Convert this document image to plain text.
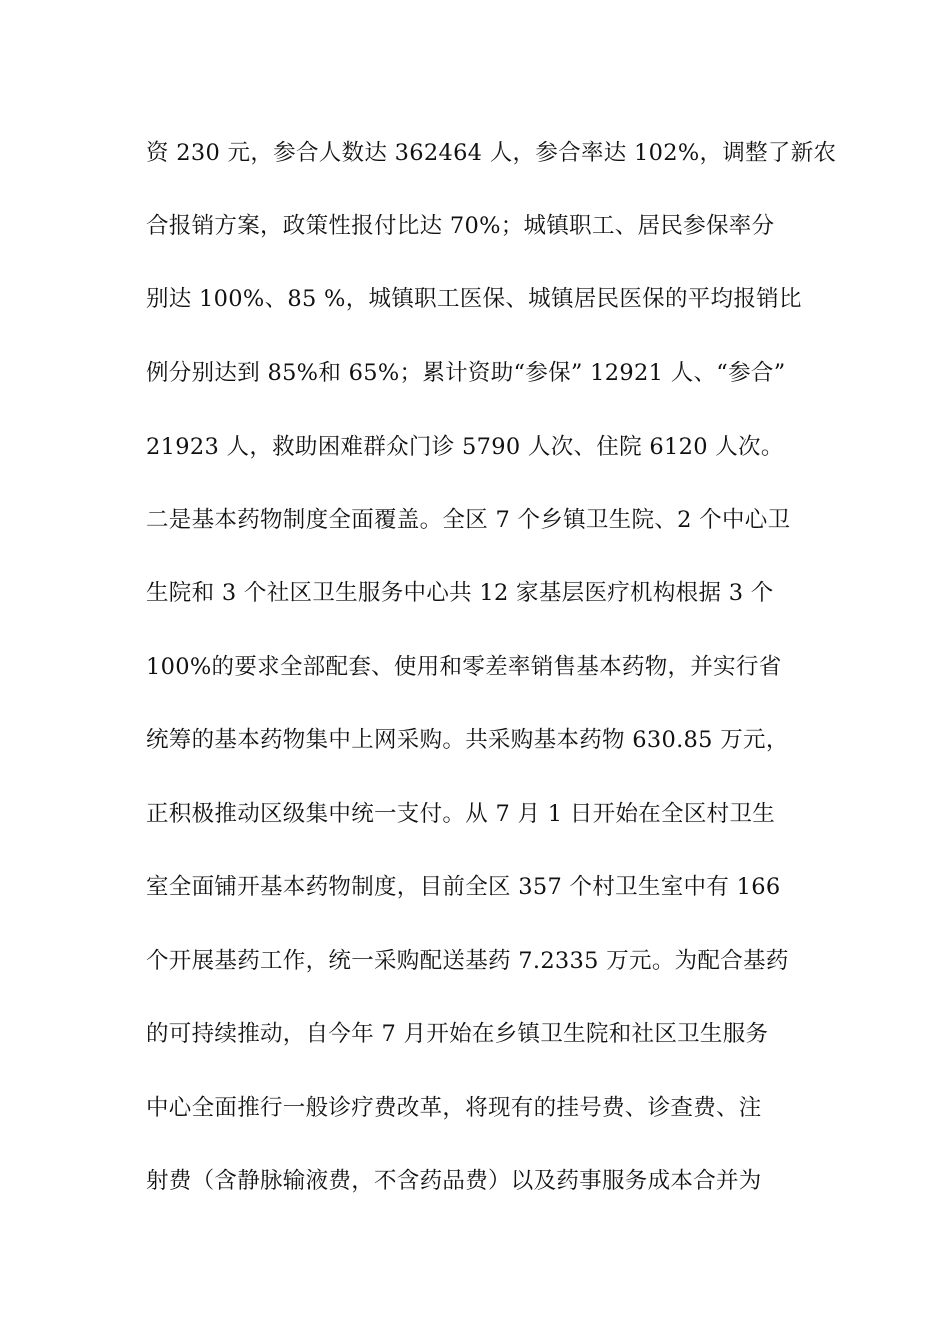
资 230 元，参合人数达 362464 人，参合率达 102%，调整了新农
合报销方案，政策性报付比达 70%；城镇职工、居民参保率分
别达 100%、85 %，城镇职工医保、城镇居民医保的平均报销比
例分别达到 85%和 65%；累计资助“参保” 12921 人、“参合”
21923 人，救助困难群众门诊 5790 人次、住院 6120 人次。
二是基本药物制度全面覆盖。全区 7 个乡镇卫生院、2 个中心卫
生院和 3 个社区卫生服务中心共 12 家基层医疗机构根据 3 个
100%的要求全部配套、使用和零差率销售基本药物，并实行省
统筹的基本药物集中上网采购。共采购基本药物 630.85 万元，
正积极推动区级集中统一支付。从 7 月 1 日开始在全区村卫生
室全面铺开基本药物制度，目前全区 357 个村卫生室中有 166
个开展基药工作，统一采购配送基药 7.2335 万元。为配合基药
的可持续推动，自今年 7 月开始在乡镇卫生院和社区卫生服务
中心全面推行一般诊疗费改革，将现有的挂号费、诊查费、注
射费（含静脉输液费，不含药品费）以及药事服务成本合并为
